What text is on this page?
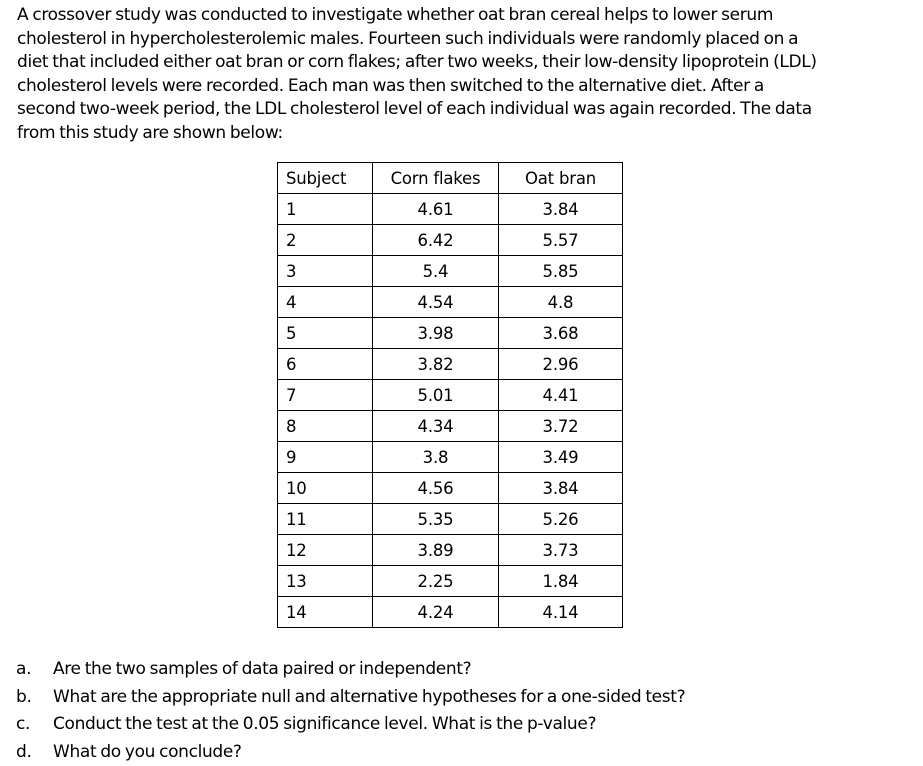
A crossover study was conducted to investigate whether oat bran cereal helps to lower serum
cholesterol in hypercholesterolemic males. Fourteen such individuals were randomly placed on a
diet that included either oat bran or corn flakes; after two weeks, their low-density lipoprotein (LDL)
cholesterol levels were recorded. Each man was then switched to the alternative diet. After a
second two-week period, the LDL cholesterol level of each individual was again recorded. The data
from this study are shown below:
Subject	Corn flakes	Oat bran
1	4.61	3.84
2	6.42	5.57
3	5.4	5.85
4	4.54	4.8
5	3.98	3.68
6	3.82	2.96
7	5.01	4.41
8	4.34	3.72
9	3.8	3.49
10	4.56	3.84
11	5.35	5.26
12	3.89	3.73
13	2.25	1.84
14	4.24	4.14
a.	Are the two samples of data paired or independent?
b.	What are the appropriate null and alternative hypotheses for a one-sided test?
c.	Conduct the test at the 0.05 significance level. What is the p-value?
d.	What do you conclude?
